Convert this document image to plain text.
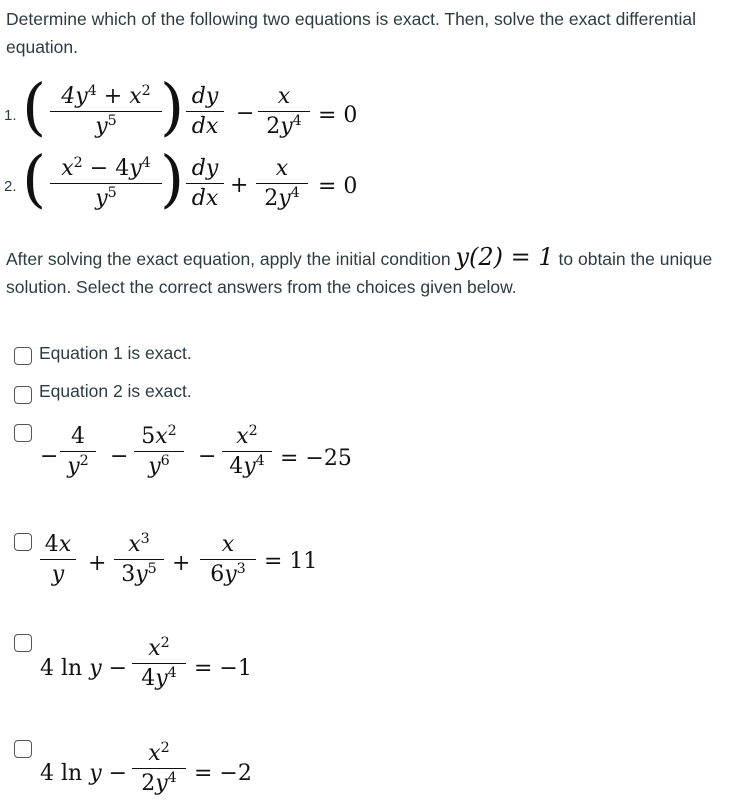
Determine which of the following two equations is exact. Then, solve the exact differential equation.
1. ( $4y^4 + x^2$
$y^5$ ) dy
dx
−
x
$2y^4 = 0$
2. ( $x^2 - 4y^4$
$y^5$ ) dy
dx
+
x
$2y^4 = 0$
After solving the exact equation, apply the initial condition y(2) = 1 to obtain the unique solution. Select the correct answers from the choices given below.
Equation 1 is exact.
Equation 2 is exact.
−
4
$y^2$ −
$5x^2$
$y^6$	−
$x^2$
$4y^4 = -25$
4x
y	+
$x^3$
$3y^5$ +
x
$6y^3 = 11$
4 ln y −
$x^2$
$4y^4 = -1$
4 ln y −
$x^2$
$2y^4 = -2$
